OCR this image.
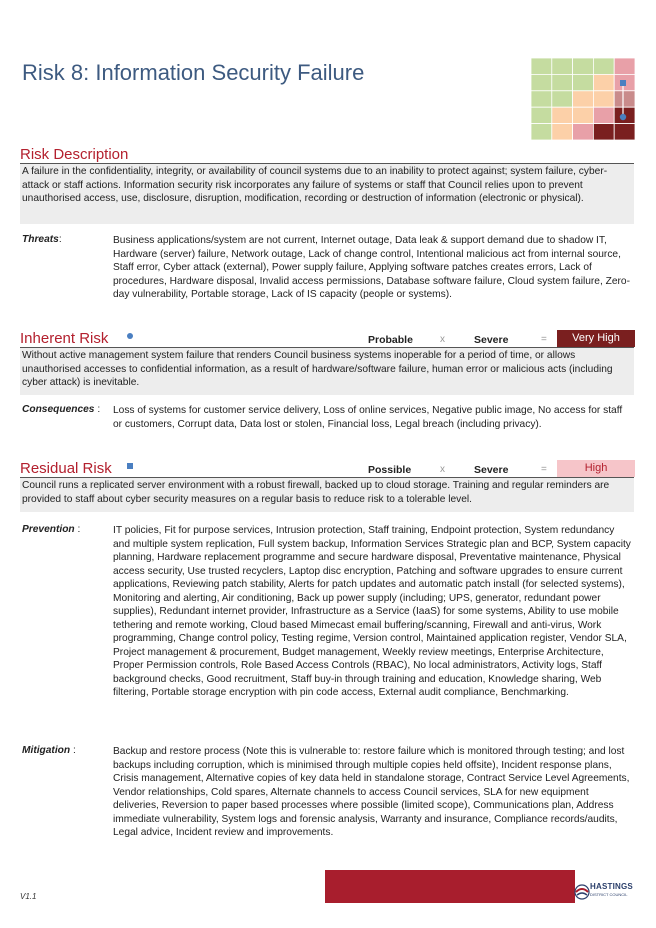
Risk 8: Information Security Failure
Risk Description
A failure in the confidentiality, integrity, or availability of council systems due to an inability to protect against; system failure, cyber-attack or staff actions. Information security risk incorporates any failure of systems or staff that Council relies upon to prevent unauthorised access, use, disclosure, disruption, modification, recording or destruction of information (electronic or physical).
Threats:	Business applications/system are not current, Internet outage, Data leak & support demand due to shadow IT, Hardware (server) failure, Network outage, Lack of change control, Intentional malicious act from internal source, Staff error, Cyber attack (external), Power supply failure, Applying software patches creates errors, Lack of procedures, Hardware disposal, Invalid access permissions, Database software failure, Cloud system failure, Zero-day vulnerability, Portable storage, Lack of IS capacity (people or systems).
Inherent Risk	Probable	x	Severe	=	Very High
Without active management system failure that renders Council business systems inoperable for a period of time, or allows unauthorised accesses to confidential information, as a result of hardware/software failure, human error or malicious acts (including cyber attack) is inevitable.
Consequences : Loss of systems for customer service delivery, Loss of online services, Negative public image, No access for staff or customers, Corrupt data, Data lost or stolen, Financial loss, Legal breach (including privacy).
Residual Risk	Possible	x	Severe	=	High
Council runs a replicated server environment with a robust firewall, backed up to cloud storage. Training and regular reminders are provided to staff about cyber security measures on a regular basis to reduce risk to a tolerable level.
Prevention :	IT policies, Fit for purpose services, Intrusion protection, Staff training, Endpoint protection, System redundancy and multiple system replication, Full system backup, Information Services Strategic plan and BCP, System capacity planning, Hardware replacement programme and secure hardware disposal, Preventative maintenance, Physical access security, Use trusted recyclers, Laptop disc encryption, Patching and software upgrades to ensure current applications, Reviewing patch stability, Alerts for patch updates and automatic patch install (for selected systems), Monitoring and alerting, Air conditioning, Back up power supply (including; UPS, generator, redundant power supplies), Redundant internet provider, Infrastructure as a Service (IaaS) for some systems, Ability to use mobile tethering and remote working, Cloud based Mimecast email buffering/scanning, Firewall and anti-virus, Work programming, Change control policy, Testing regime, Version control, Maintained application register, Vendor SLA, Project management & procurement, Budget management, Weekly review meetings, Enterprise Architecture, Proper Permission controls, Role Based Access Controls (RBAC), No local administrators, Activity logs, Staff background checks, Good recruitment, Staff buy-in through training and education, Knowledge sharing, Web filtering, Portable storage encryption with pin code access, External audit compliance, Benchmarking.
Mitigation :	Backup and restore process (Note this is vulnerable to: restore failure which is monitored through testing; and lost backups including corruption, which is minimised through multiple copies held offsite), Incident response plans, Crisis management, Alternative copies of key data held in standalone storage, Contract Service Level Agreements, Vendor relationships, Cold spares, Alternate channels to access Council services, SLA for new equipment deliveries, Reversion to paper based processes where possible (limited scope), Communications plan, Address immediate vulnerability, System logs and forensic analysis, Warranty and insurance, Compliance records/audits, Legal advice, Incident review and improvements.
V1.1
HASTINGS
DISTRICT COUNCIL
